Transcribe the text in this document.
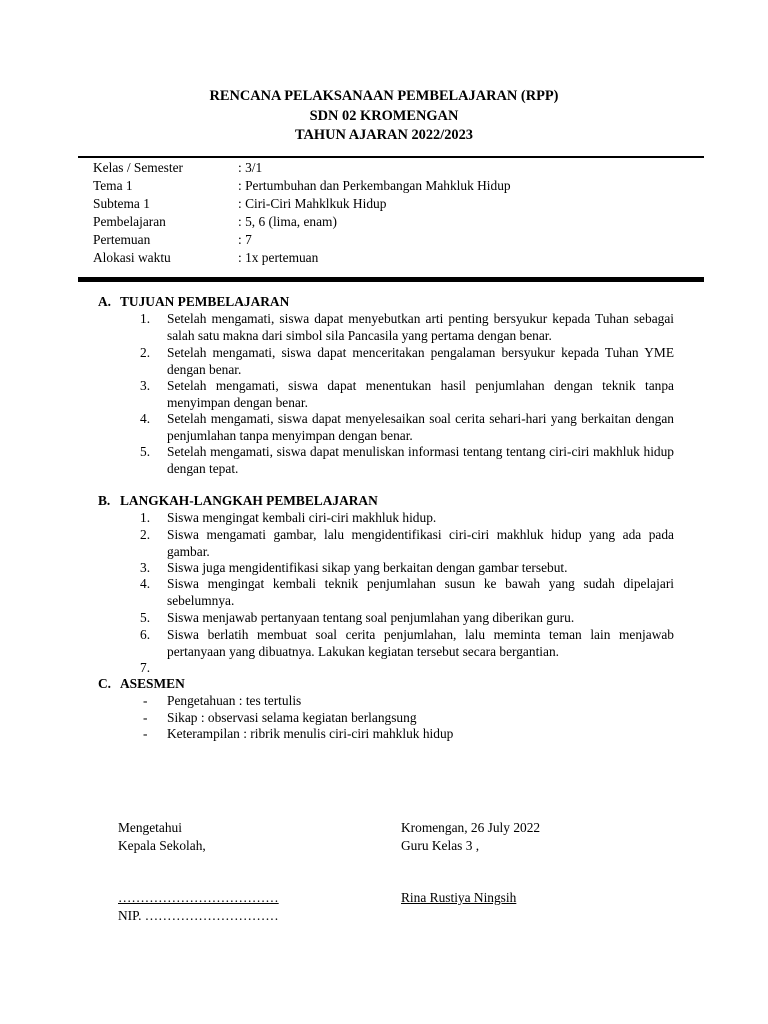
RENCANA PELAKSANAAN PEMBELAJARAN (RPP)
SDN 02 KROMENGAN
TAHUN AJARAN 2022/2023
Kelas / Semester	: 3/1
Tema 1	: Pertumbuhan dan Perkembangan Mahkluk Hidup
Subtema 1	: Ciri-Ciri Mahklkuk Hidup
Pembelajaran	: 5, 6 (lima, enam)
Pertemuan	: 7
Alokasi waktu	: 1x pertemuan
A. TUJUAN PEMBELAJARAN
1.	Setelah mengamati, siswa dapat menyebutkan arti penting bersyukur kepada Tuhan sebagai salah satu makna dari simbol sila Pancasila yang pertama dengan benar.
2.	Setelah mengamati, siswa dapat menceritakan pengalaman bersyukur kepada Tuhan YME dengan benar.
3.	Setelah mengamati, siswa dapat menentukan hasil penjumlahan dengan teknik tanpa menyimpan dengan benar.
4.	Setelah mengamati, siswa dapat menyelesaikan soal cerita sehari-hari yang berkaitan dengan penjumlahan tanpa menyimpan dengan benar.
5.	Setelah mengamati, siswa dapat menuliskan informasi tentang tentang ciri-ciri makhluk hidup dengan tepat.
B. LANGKAH-LANGKAH PEMBELAJARAN
1.	Siswa mengingat kembali ciri-ciri makhluk hidup.
2.	Siswa mengamati gambar, lalu mengidentifikasi ciri-ciri makhluk hidup yang ada pada gambar.
3.	Siswa juga mengidentifikasi sikap yang berkaitan dengan gambar tersebut.
4.	Siswa mengingat kembali teknik penjumlahan susun ke bawah yang sudah dipelajari sebelumnya.
5.	Siswa menjawab pertanyaan tentang soal penjumlahan yang diberikan guru.
6.	Siswa berlatih membuat soal cerita penjumlahan, lalu meminta teman lain menjawab pertanyaan yang dibuatnya. Lakukan kegiatan tersebut secara bergantian.
7.
C. ASESMEN
- Pengetahuan : tes tertulis
- Sikap : observasi selama kegiatan berlangsung
- Keterampilan : ribrik menulis ciri-ciri mahkluk hidup
Mengetahui
Kepala Sekolah,
………………………………
NIP. …………………………
Kromengan, 26 July 2022
Guru Kelas 3 ,
Rina Rustiya Ningsih
